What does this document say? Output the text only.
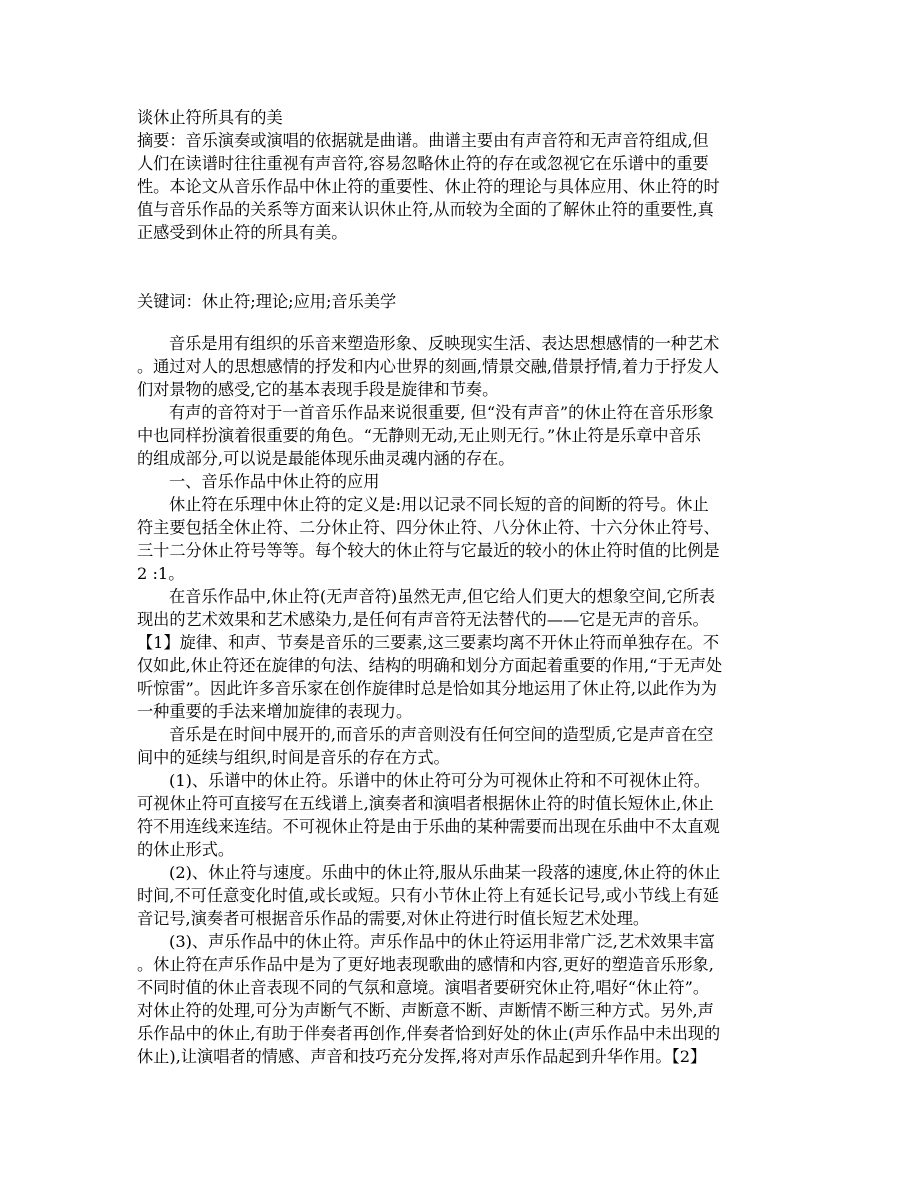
谈休止符所具有的美
摘要：音乐演奏或演唱的依据就是曲谱。曲谱主要由有声音符和无声音符组成,但
人们在读谱时往往重视有声音符,容易忽略休止符的存在或忽视它在乐谱中的重要
性。本论文从音乐作品中休止符的重要性、休止符的理论与具体应用、休止符的时
值与音乐作品的关系等方面来认识休止符,从而较为全面的了解休止符的重要性,真
正感受到休止符的所具有美。
关键词：休止符;理论;应用;音乐美学
音乐是用有组织的乐音来塑造形象、反映现实生活、表达思想感情的一种艺术
。通过对人的思想感情的抒发和内心世界的刻画,情景交融,借景抒情,着力于抒发人
们对景物的感受,它的基本表现手段是旋律和节奏。
有声的音符对于一首音乐作品来说很重要, 但“没有声音”的休止符在音乐形象
中也同样扮演着很重要的角色。“无静则无动,无止则无行。”休止符是乐章中音乐
的组成部分,可以说是最能体现乐曲灵魂内涵的存在。
一、音乐作品中休止符的应用
休止符在乐理中休止符的定义是:用以记录不同长短的音的间断的符号。休止
符主要包括全休止符、二分休止符、四分休止符、八分休止符、十六分休止符号、
三十二分休止符号等等。每个较大的休止符与它最近的较小的休止符时值的比例是
2 :1。
在音乐作品中,休止符(无声音符)虽然无声,但它给人们更大的想象空间,它所表
现出的艺术效果和艺术感染力,是任何有声音符无法替代的——它是无声的音乐。
【1】旋律、和声、节奏是音乐的三要素,这三要素均离不开休止符而单独存在。不
仅如此,休止符还在旋律的句法、结构的明确和划分方面起着重要的作用,“于无声处
听惊雷”。因此许多音乐家在创作旋律时总是恰如其分地运用了休止符,以此作为为
一种重要的手法来增加旋律的表现力。
音乐是在时间中展开的,而音乐的声音则没有任何空间的造型质,它是声音在空
间中的延续与组织,时间是音乐的存在方式。
(1)、乐谱中的休止符。乐谱中的休止符可分为可视休止符和不可视休止符。
可视休止符可直接写在五线谱上,演奏者和演唱者根据休止符的时值长短休止,休止
符不用连线来连结。不可视休止符是由于乐曲的某种需要而出现在乐曲中不太直观
的休止形式。
(2)、休止符与速度。乐曲中的休止符,服从乐曲某一段落的速度,休止符的休止
时间,不可任意变化时值,或长或短。只有小节休止符上有延长记号,或小节线上有延
音记号,演奏者可根据音乐作品的需要,对休止符进行时值长短艺术处理。
(3)、声乐作品中的休止符。声乐作品中的休止符运用非常广泛,艺术效果丰富
。休止符在声乐作品中是为了更好地表现歌曲的感情和内容,更好的塑造音乐形象,
不同时值的休止音表现不同的气氛和意境。演唱者要研究休止符,唱好“休止符”。
对休止符的处理,可分为声断气不断、声断意不断、声断情不断三种方式。另外,声
乐作品中的休止,有助于伴奏者再创作,伴奏者恰到好处的休止(声乐作品中未出现的
休止),让演唱者的情感、声音和技巧充分发挥,将对声乐作品起到升华作用。【2】
